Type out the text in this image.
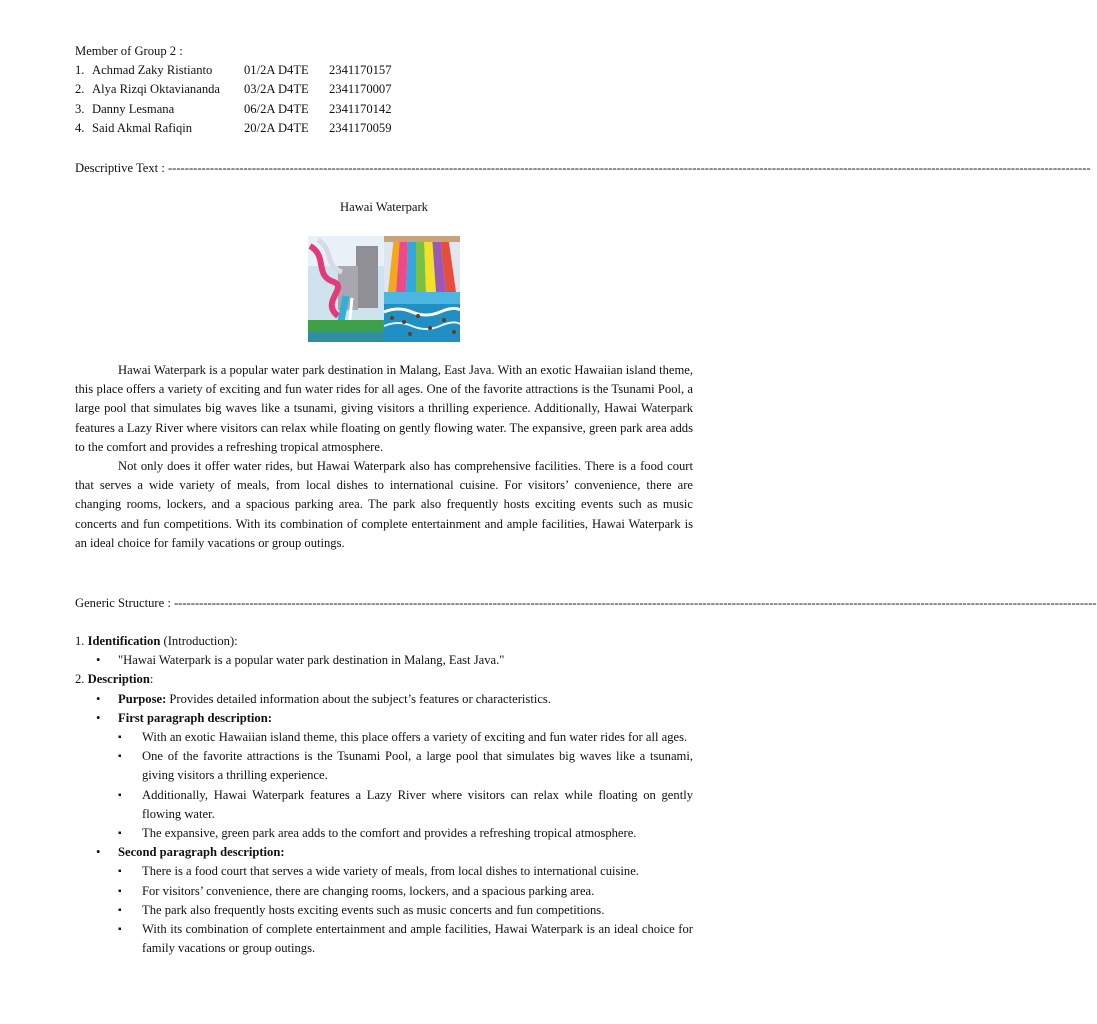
Member of Group 2 :
1. Achmad Zaky Ristianto	01/2A D4TE	2341170157
2. Alya Rizqi Oktaviananda	03/2A D4TE	2341170007
3. Danny Lesmana	06/2A D4TE	2341170142
4. Said Akmal Rafiqin	20/2A D4TE	2341170059
Descriptive Text : ----------------------------------------------------------------------------------------------------------------------------------------------------------------------------------------------------------------------------
Hawai Waterpark

Hawai Waterpark is a popular water park destination in Malang, East Java. With an exotic Hawaiian island theme, this place offers a variety of exciting and fun water rides for all ages. One of the favorite attractions is the Tsunami Pool, a large pool that simulates big waves like a tsunami, giving visitors a thrilling experience. Additionally, Hawai Waterpark features a Lazy River where visitors can relax while floating on gently flowing water. The expansive, green park area adds to the comfort and provides a refreshing tropical atmosphere.

Not only does it offer water rides, but Hawai Waterpark also has comprehensive facilities. There is a food court that serves a wide variety of meals, from local dishes to international cuisine. For visitors’ convenience, there are changing rooms, lockers, and a spacious parking area. The park also frequently hosts exciting events such as music concerts and fun competitions. With its combination of complete entertainment and ample facilities, Hawai Waterpark is an ideal choice for family vacations or group outings.

Generic Structure : ----------------------------------------------------------------------------------------------------------------------------------------------------------------------------------------------------------------------------
1. Identification (Introduction):
• "Hawai Waterpark is a popular water park destination in Malang, East Java."
2. Description:
• Purpose: Provides detailed information about the subject’s features or characteristics.
• First paragraph description:
▪ With an exotic Hawaiian island theme, this place offers a variety of exciting and fun water rides for all ages.
▪ One of the favorite attractions is the Tsunami Pool, a large pool that simulates big waves like a tsunami, giving visitors a thrilling experience.
▪ Additionally, Hawai Waterpark features a Lazy River where visitors can relax while floating on gently flowing water.
▪ The expansive, green park area adds to the comfort and provides a refreshing tropical atmosphere.
• Second paragraph description:
▪ There is a food court that serves a wide variety of meals, from local dishes to international cuisine.
▪ For visitors’ convenience, there are changing rooms, lockers, and a spacious parking area.
▪ The park also frequently hosts exciting events such as music concerts and fun competitions.
▪ With its combination of complete entertainment and ample facilities, Hawai Waterpark is an ideal choice for family vacations or group outings.
